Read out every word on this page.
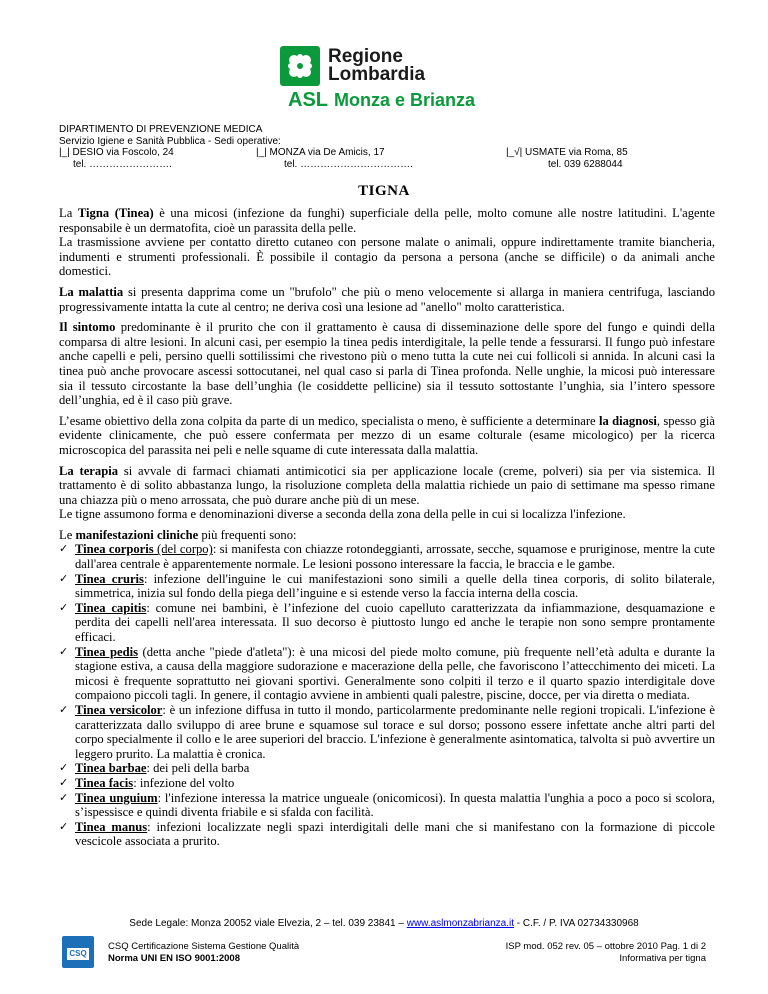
Regione
Lombardia
ASL Monza e Brianza
DIPARTIMENTO DI PREVENZIONE MEDICA
Servizio Igiene e Sanità Pubblica - Sedi operative:
|_| DESIO via Foscolo, 24	|_| MONZA via De Amicis, 17	|_√| USMATE via Roma, 85
tel. …………………….	tel. …………………………….	tel. 039 6288044
TIGNA

La Tigna (Tinea) è una micosi (infezione da funghi) superficiale della pelle, molto comune alle nostre latitudini. L'agente responsabile è un dermatofita, cioè un parassita della pelle.
La trasmissione avviene per contatto diretto cutaneo con persone malate o animali, oppure indirettamente tramite biancheria, indumenti e strumenti professionali. È possibile il contagio da persona a persona (anche se difficile) o da animali anche domestici.

La malattia si presenta dapprima come un "brufolo" che più o meno velocemente si allarga in maniera centrifuga, lasciando progressivamente intatta la cute al centro; ne deriva così una lesione ad "anello" molto caratteristica.

Il sintomo predominante è il prurito che con il grattamento è causa di disseminazione delle spore del fungo e quindi della comparsa di altre lesioni. In alcuni casi, per esempio la tinea pedis interdigitale, la pelle tende a fessurarsi. Il fungo può infestare anche capelli e peli, persino quelli sottilissimi che rivestono più o meno tutta la cute nei cui follicoli si annida. In alcuni casi la tinea può anche provocare ascessi sottocutanei, nel qual caso si parla di Tinea profonda. Nelle unghie, la micosi può interessare sia il tessuto circostante la base dell’unghia (le cosiddette pellicine) sia il tessuto sottostante l’unghia, sia l’intero spessore dell’unghia, ed è il caso più grave.

L’esame obiettivo della zona colpita da parte di un medico, specialista o meno, è sufficiente a determinare la diagnosi, spesso già evidente clinicamente, che può essere confermata per mezzo di un esame colturale (esame micologico) per la ricerca microscopica del parassita nei peli e nelle squame di cute interessata dalla malattia.

La terapia si avvale di farmaci chiamati antimicotici sia per applicazione locale (creme, polveri) sia per via sistemica. Il trattamento è di solito abbastanza lungo, la risoluzione completa della malattia richiede un paio di settimane ma spesso rimane una chiazza più o meno arrossata, che può durare anche più di un mese.
Le tigne assumono forma e denominazioni diverse a seconda della zona della pelle in cui si localizza l'infezione.

Le manifestazioni cliniche più frequenti sono:

✓ Tinea corporis (del corpo): si manifesta con chiazze rotondeggianti, arrossate, secche, squamose e pruriginose, mentre la cute dall'area centrale è apparentemente normale. Le lesioni possono interessare la faccia, le braccia e le gambe.
✓ Tinea cruris: infezione dell'inguine le cui manifestazioni sono simili a quelle della tinea corporis, di solito bilaterale, simmetrica, inizia sul fondo della piega dell’inguine e si estende verso la faccia interna della coscia.
✓ Tinea capitis: comune nei bambini, è l’infezione del cuoio capelluto caratterizzata da infiammazione, desquamazione e perdita dei capelli nell'area interessata. Il suo decorso è piuttosto lungo ed anche le terapie non sono sempre prontamente efficaci.
✓ Tinea pedis (detta anche "piede d'atleta"): è una micosi del piede molto comune, più frequente nell’età adulta e durante la stagione estiva, a causa della maggiore sudorazione e macerazione della pelle, che favoriscono l’attecchimento dei miceti. La micosi è frequente soprattutto nei giovani sportivi. Generalmente sono colpiti il terzo e il quarto spazio interdigitale dove compaiono piccoli tagli. In genere, il contagio avviene in ambienti quali palestre, piscine, docce, per via diretta o mediata.
✓ Tinea versicolor: è un infezione diffusa in tutto il mondo, particolarmente predominante nelle regioni tropicali. L'infezione è caratterizzata dallo sviluppo di aree brune e squamose sul torace e sul dorso; possono essere infettate anche altri parti del corpo specialmente il collo e le aree superiori del braccio. L'infezione è generalmente asintomatica, talvolta si può avvertire un leggero prurito. La malattia è cronica.
✓ Tinea barbae: dei peli della barba
✓ Tinea facis: infezione del volto
✓ Tinea unguium: l'infezione interessa la matrice ungueale (onicomicosi). In questa malattia l'unghia a poco a poco si scolora, s’ispessisce e quindi diventa friabile e si sfalda con facilità.
✓ Tinea manus: infezioni localizzate negli spazi interdigitali delle mani che si manifestano con la formazione di piccole vescicole associata a prurito.
Sede Legale: Monza 20052 viale Elvezia, 2 – tel. 039 23841 – www.aslmonzabrianza.it - C.F. / P. IVA 02734330968
CSQ
CSQ Certificazione Sistema Gestione Qualità
Norma UNI EN ISO 9001:2008
ISP mod. 052 rev. 05 – ottobre 2010 Pag. 1 di 2
Informativa per tigna
